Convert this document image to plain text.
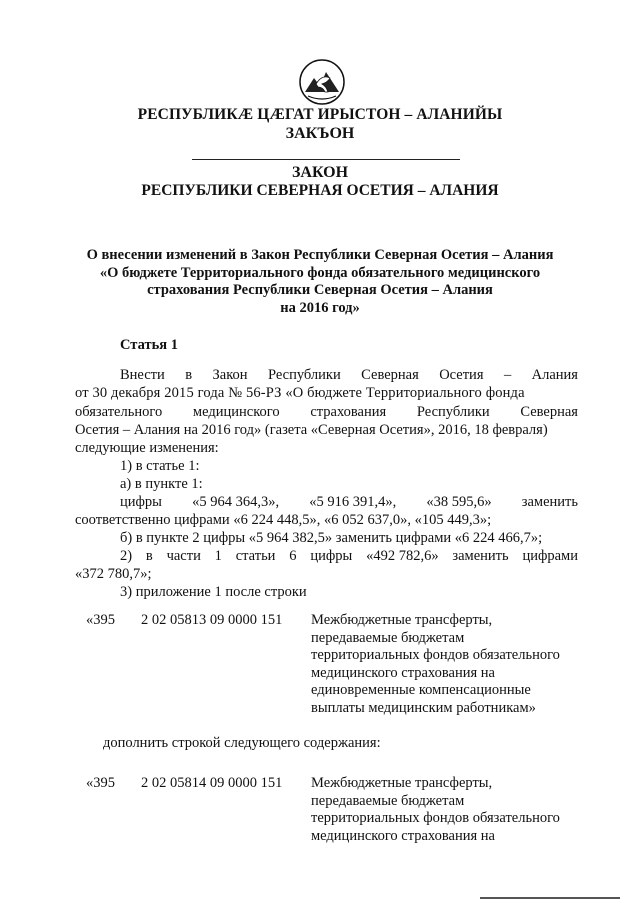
РЕСПУБЛИКÆ ЦÆГАТ ИРЫСТОН – АЛАНИЙЫ
ЗАКЪОН
ЗАКОН
РЕСПУБЛИКИ СЕВЕРНАЯ ОСЕТИЯ – АЛАНИЯ
О внесении изменений в Закон Республики Северная Осетия – Алания
«О бюджете Территориального фонда обязательного медицинского
страхования Республики Северная Осетия – Алания
на 2016 год»
Статья 1
Внести в Закон Республики Северная Осетия – Алания
от 30 декабря 2015 года № 56-РЗ «О бюджете Территориального фонда
обязательного медицинского страхования Республики Северная
Осетия – Алания на 2016 год» (газета «Северная Осетия», 2016, 18 февраля)
следующие изменения:
1) в статье 1:
а) в пункте 1:
цифры «5 964 364,3», «5 916 391,4», «38 595,6» заменить
соответственно цифрами «6 224 448,5», «6 052 637,0», «105 449,3»;
б) в пункте 2 цифры «5 964 382,5» заменить цифрами «6 224 466,7»;
2) в части 1 статьи 6 цифры «492 782,6» заменить цифрами
«372 780,7»;
3) приложение 1 после строки
«395 2 02 05813 09 0000 151 Межбюджетные трансферты,
передаваемые бюджетам
территориальных фондов обязательного
медицинского страхования на
единовременные компенсационные
выплаты медицинским работникам»
дополнить строкой следующего содержания:
«395 2 02 05814 09 0000 151 Межбюджетные трансферты,
передаваемые бюджетам
территориальных фондов обязательного
медицинского страхования на
